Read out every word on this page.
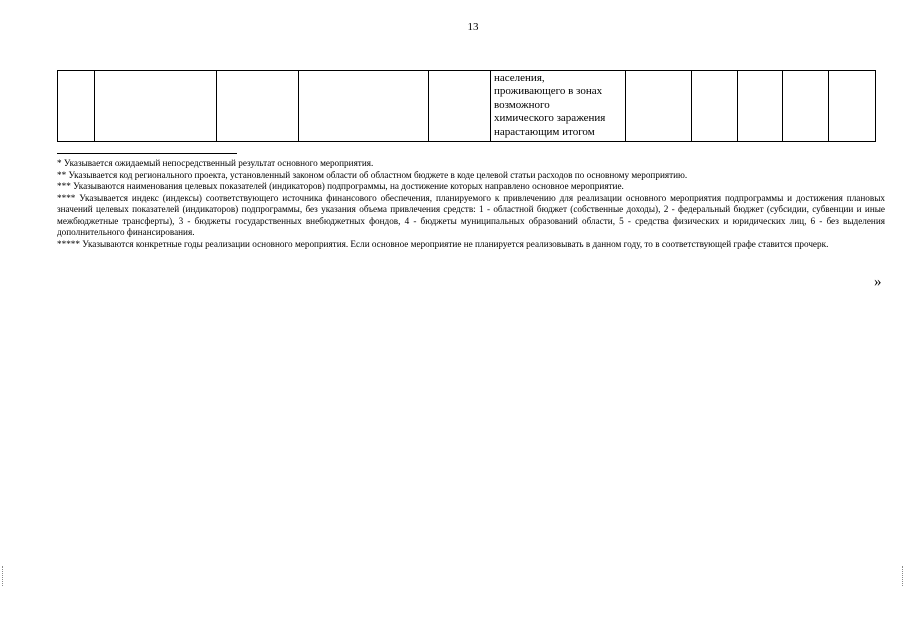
13

населения,
проживающего в зонах
возможного
химического заражения
нарастающим итогом

* Указывается ожидаемый непосредственный результат основного мероприятия.

** Указывается код регионального проекта, установленный законом области об областном бюджете в коде целевой статьи расходов по основному мероприятию.

*** Указываются наименования целевых показателей (индикаторов) подпрограммы, на достижение которых направлено основное мероприятие.

**** Указывается индекс (индексы) соответствующего источника финансового обеспечения, планируемого к привлечению для реализации основного мероприятия подпрограммы и достижения плановых значений целевых показателей (индикаторов) подпрограммы, без указания объема привлечения средств: 1 - областной бюджет (собственные доходы), 2 - федеральный бюджет (субсидии, субвенции и иные межбюджетные трансферты), 3 - бюджеты государственных внебюджетных фондов, 4 - бюджеты муниципальных образований области, 5 - средства физических и юридических лиц, 6 - без выделения дополнительного финансирования.

***** Указываются конкретные годы реализации основного мероприятия. Если основное мероприятие не планируется реализовывать в данном году, то в соответствующей графе ставится прочерк.

»
